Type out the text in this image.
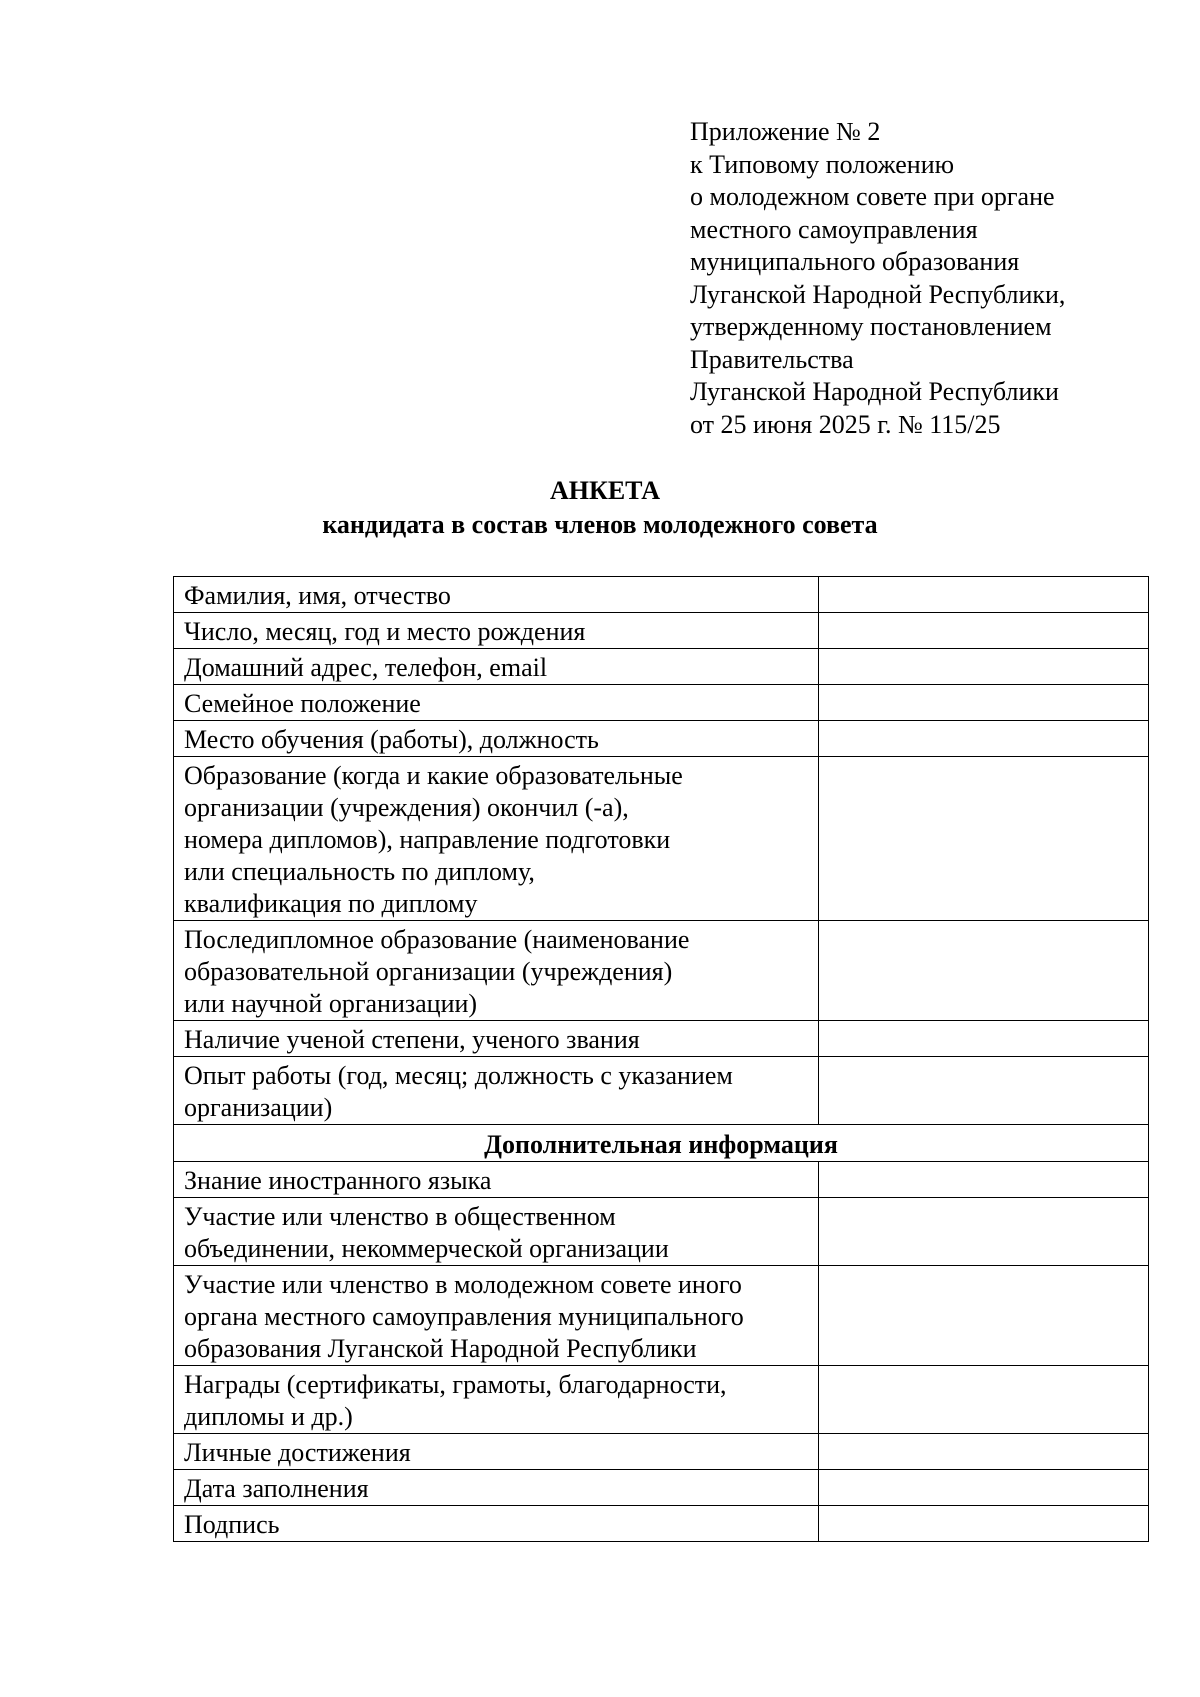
Приложение № 2
к Типовому положению
о молодежном совете при органе
местного самоуправления
муниципального образования
Луганской Народной Республики,
утвержденному постановлением
Правительства
Луганской Народной Республики
от 25 июня 2025 г. № 115/25
АНКЕТА
кандидата в состав членов молодежного совета
Фамилия, имя, отчество	

Число, месяц, год и место рождения	

Домашний адрес, телефон, email	

Семейное положение	

Место обучения (работы), должность	

Образование (когда и какие образовательные
организации (учреждения) окончил (-а),
номера дипломов), направление подготовки
или специальность по диплому,
квалификация по диплому	

Последипломное образование (наименование
образовательной организации (учреждения)
или научной организации)	

Наличие ученой степени, ученого звания	

Опыт работы (год, месяц; должность с указанием
организации)	

Дополнительная информация	

Знание иностранного языка	

Участие или членство в общественном
объединении, некоммерческой организации	

Участие или членство в молодежном совете иного
органа местного самоуправления муниципального
образования Луганской Народной Республики	

Награды (сертификаты, грамоты, благодарности,
дипломы и др.)	

Личные достижения	

Дата заполнения	

Подпись	
